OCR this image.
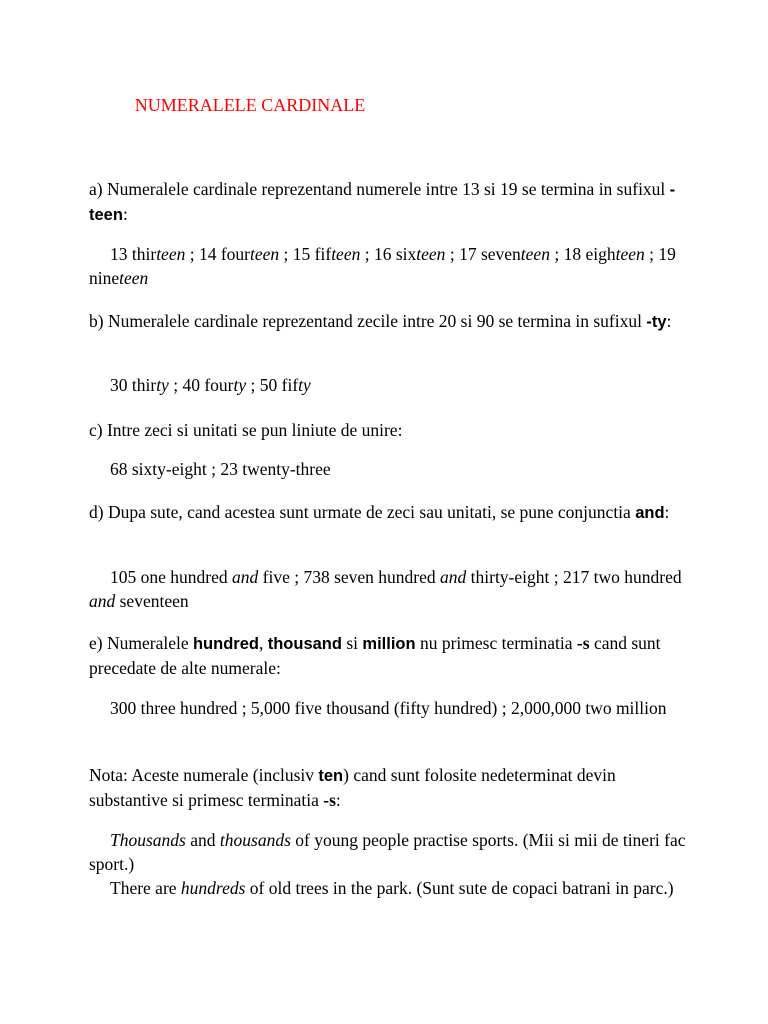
NUMERALELE CARDINALE

a) Numeralele cardinale reprezentand numerele intre 13 si 19 se termina in sufixul -teen:

13 thirteen ; 14 fourteen ; 15 fifteen ; 16 sixteen ; 17 seventeen ; 18 eighteen ; 19 nineteen

b) Numeralele cardinale reprezentand zecile intre 20 si 90 se termina in sufixul -ty:

30 thirty ; 40 fourty ; 50 fifty

c) Intre zeci si unitati se pun liniute de unire:

68 sixty-eight ; 23 twenty-three

d) Dupa sute, cand acestea sunt urmate de zeci sau unitati, se pune conjunctia and:

105 one hundred and five ; 738 seven hundred and thirty-eight ; 217 two hundred and seventeen

e) Numeralele hundred, thousand si million nu primesc terminatia -s cand sunt precedate de alte numerale:

300 three hundred ; 5,000 five thousand (fifty hundred) ; 2,000,000 two million

Nota: Aceste numerale (inclusiv ten) cand sunt folosite nedeterminat devin substantive si primesc terminatia -s:

Thousands and thousands of young people practise sports. (Mii si mii de tineri fac sport.)

There are hundreds of old trees in the park. (Sunt sute de copaci batrani in parc.)
